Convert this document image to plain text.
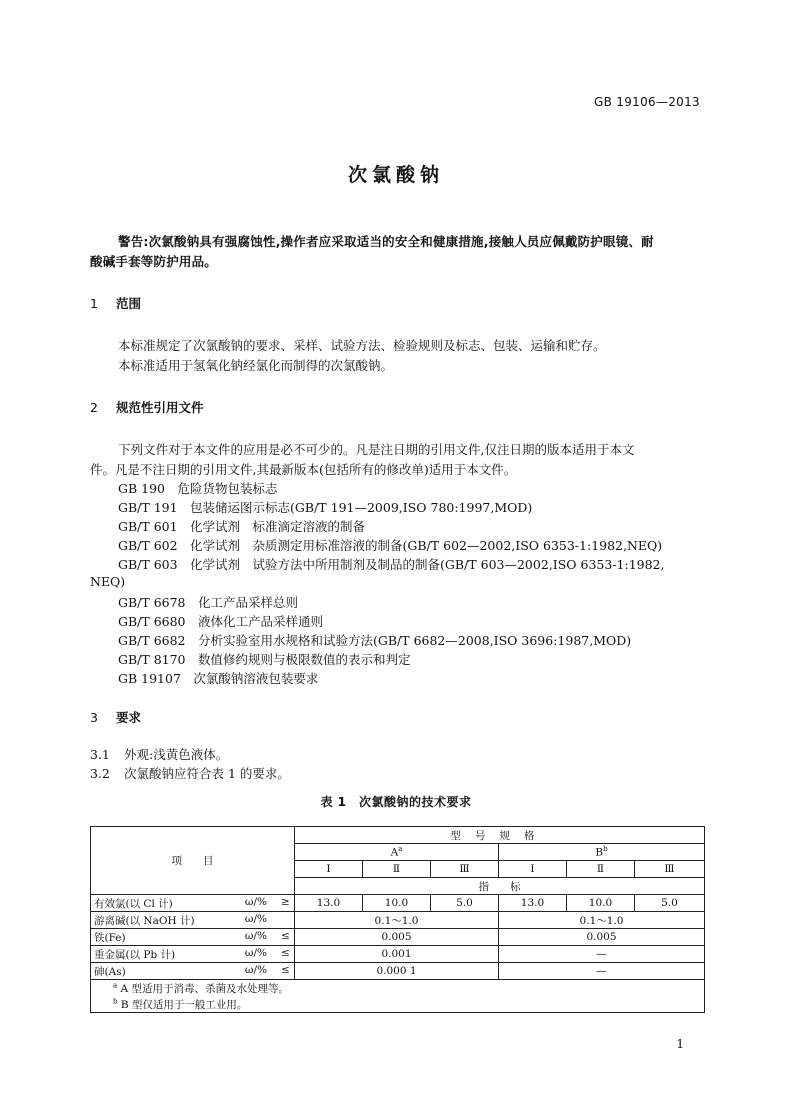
GB 19106—2013
次氯酸钠
警告:次氯酸钠具有强腐蚀性,操作者应采取适当的安全和健康措施,接触人员应佩戴防护眼镜、耐
酸碱手套等防护用品。
1 范围
本标准规定了次氯酸钠的要求、采样、试验方法、检验规则及标志、包装、运输和贮存。
本标准适用于氢氧化钠经氯化而制得的次氯酸钠。
2 规范性引用文件
下列文件对于本文件的应用是必不可少的。凡是注日期的引用文件,仅注日期的版本适用于本文
件。凡是不注日期的引用文件,其最新版本(包括所有的修改单)适用于本文件。
GB 190　危险货物包装标志
GB/T 191　包装储运图示标志(GB/T 191—2009,ISO 780:1997,MOD)
GB/T 601　化学试剂　标准滴定溶液的制备
GB/T 602　化学试剂　杂质测定用标准溶液的制备(GB/T 602—2002,ISO 6353-1:1982,NEQ)
GB/T 603　化学试剂　试验方法中所用制剂及制品的制备(GB/T 603—2002,ISO 6353-1:1982,
NEQ)
GB/T 6678　化工产品采样总则
GB/T 6680　液体化工产品采样通则
GB/T 6682　分析实验室用水规格和试验方法(GB/T 6682—2008,ISO 3696:1987,MOD)
GB/T 8170　数值修约规则与极限数值的表示和判定
GB 19107　次氯酸钠溶液包装要求
3 要求
3.1 外观:浅黄色液体。
3.2 次氯酸钠应符合表 1 的要求。
表 1　次氯酸钠的技术要求
项　　目	型号规格					
	$A^a$			$B^b$
	Ⅰ	Ⅱ	Ⅲ	Ⅰ	Ⅱ	Ⅲ
	指　　标					

有效氯(以 Cl 计) ω/% ≥	13.0	10.0	5.0	13.0	10.0	5.0

游离碱(以 NaOH 计) ω/%	0.1～1.0			0.1～1.0		

铁(Fe) ω/% ≤	0.005			0.005		

重金属(以 Pb 计) ω/% ≤	0.001			—		

砷(As) ω/% ≤	0.000 1			—		
$^a$ A 型适用于消毒、杀菌及水处理等。						
$^b$ B 型仅适用于一般工业用。						
1
